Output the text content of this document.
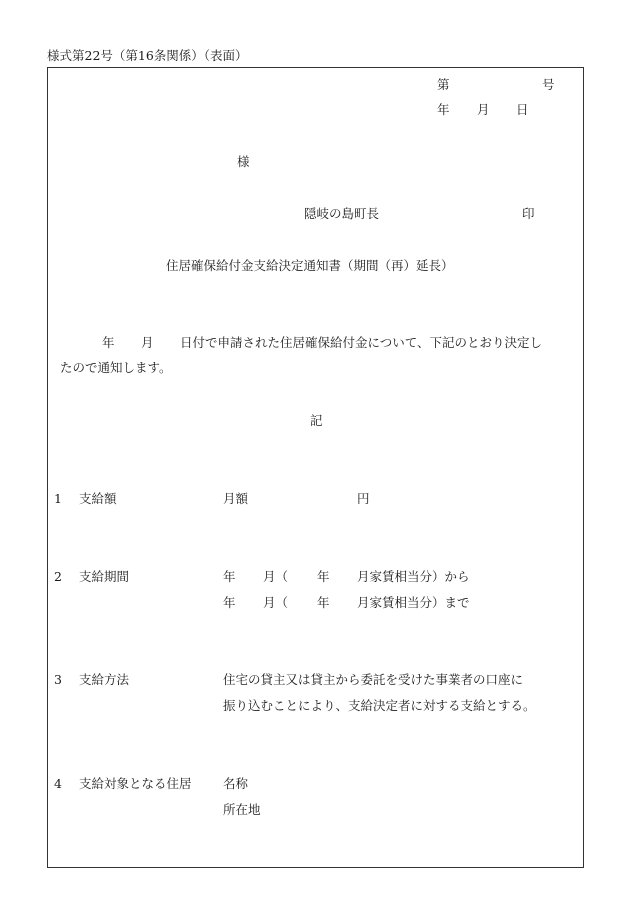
様式第22号（第16条関係）（表面）
第	号
年 月 日
様
隠岐の島町長	印
住居確保給付金支給決定通知書（期間（再）延長）
年 月 日付で申請された住居確保給付金について、下記のとおり決定し
たので通知します。
記
1 支給額	月額	円
2 支給期間	年 月（ 年 月家賃相当分）から
年 月（ 年 月家賃相当分）まで
3 支給方法	住宅の貸主又は貸主から委託を受けた事業者の口座に
振り込むことにより、支給決定者に対する支給とする。
4 支給対象となる住居	名称
所在地
